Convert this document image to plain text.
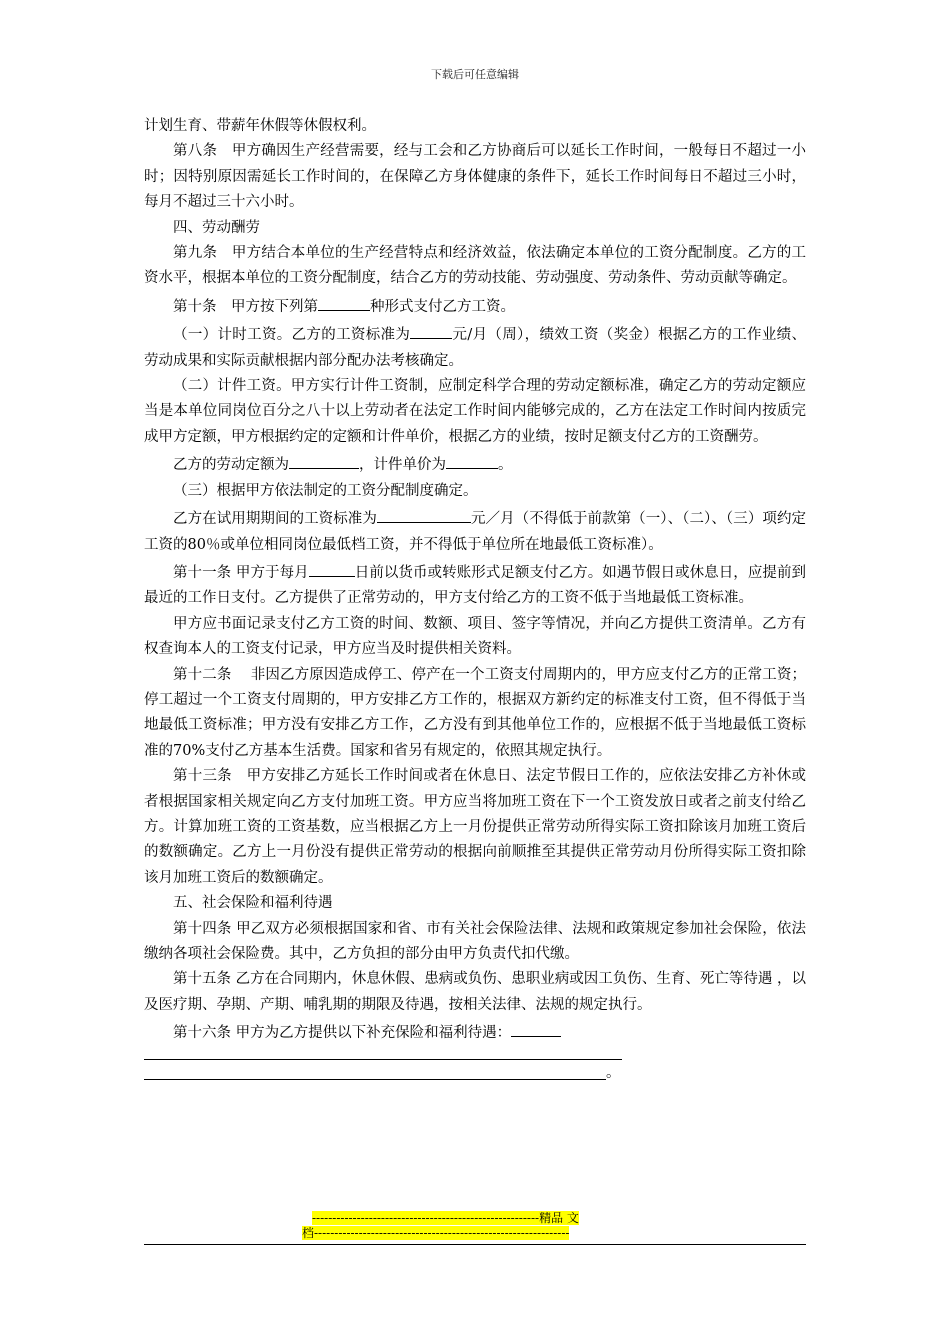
下载后可任意编辑

计划生育、带薪年休假等休假权利。

第八条　甲方确因生产经营需要，经与工会和乙方协商后可以延长工作时间，一般每日不超过一小时；因特别原因需延长工作时间的，在保障乙方身体健康的条件下，延长工作时间每日不超过三小时，每月不超过三十六小时。

四、劳动酬劳

第九条　甲方结合本单位的生产经营特点和经济效益，依法确定本单位的工资分配制度。乙方的工资水平，根据本单位的工资分配制度，结合乙方的劳动技能、劳动强度、劳动条件、劳动贡献等确定。

第十条　甲方按下列第	种形式支付乙方工资。

（一）计时工资。乙方的工资标准为	元/月（周），绩效工资（奖金）根据乙方的工作业绩、劳动成果和实际贡献根据内部分配办法考核确定。

（二）计件工资。甲方实行计件工资制，应制定科学合理的劳动定额标准，确定乙方的劳动定额应当是本单位同岗位百分之八十以上劳动者在法定工作时间内能够完成的，乙方在法定工作时间内按质完成甲方定额，甲方根据约定的定额和计件单价，根据乙方的业绩，按时足额支付乙方的工资酬劳。

乙方的劳动定额为	，计件单价为	。

（三）根据甲方依法制定的工资分配制度确定。

乙方在试用期期间的工资标准为	元／月（不得低于前款第（一）、（二）、（三）项约定工资的80％或单位相同岗位最低档工资，并不得低于单位所在地最低工资标准）。

第十一条 甲方于每月	日前以货币或转账形式足额支付乙方。如遇节假日或休息日，应提前到最近的工作日支付。乙方提供了正常劳动的，甲方支付给乙方的工资不低于当地最低工资标准。

甲方应书面记录支付乙方工资的时间、数额、项目、签字等情况，并向乙方提供工资清单。乙方有权查询本人的工资支付记录，甲方应当及时提供相关资料。

第十二条　 非因乙方原因造成停工、停产在一个工资支付周期内的，甲方应支付乙方的正常工资；停工超过一个工资支付周期的，甲方安排乙方工作的，根据双方新约定的标准支付工资，但不得低于当地最低工资标准；甲方没有安排乙方工作，乙方没有到其他单位工作的，应根据不低于当地最低工资标准的70%支付乙方基本生活费。国家和省另有规定的，依照其规定执行。

第十三条　甲方安排乙方延长工作时间或者在休息日、法定节假日工作的，应依法安排乙方补休或者根据国家相关规定向乙方支付加班工资。甲方应当将加班工资在下一个工资发放日或者之前支付给乙方。计算加班工资的工资基数，应当根据乙方上一月份提供正常劳动所得实际工资扣除该月加班工资后的数额确定。乙方上一月份没有提供正常劳动的根据向前顺推至其提供正常劳动月份所得实际工资扣除该月加班工资后的数额确定。

五、社会保险和福利待遇

第十四条 甲乙双方必须根据国家和省、市有关社会保险法律、法规和政策规定参加社会保险，依法缴纳各项社会保险费。其中，乙方负担的部分由甲方负责代扣代缴。

第十五条 乙方在合同期内，休息休假、患病或负伤、患职业病或因工负伤、生育、死亡等待遇 ，以及医疗期、孕期、产期、哺乳期的期限及待遇，按相关法律、法规的规定执行。

第十六条 甲方为乙方提供以下补充保险和福利待遇：

。
--------------------------------------------------------精品 文
档---------------------------------------------------------------
